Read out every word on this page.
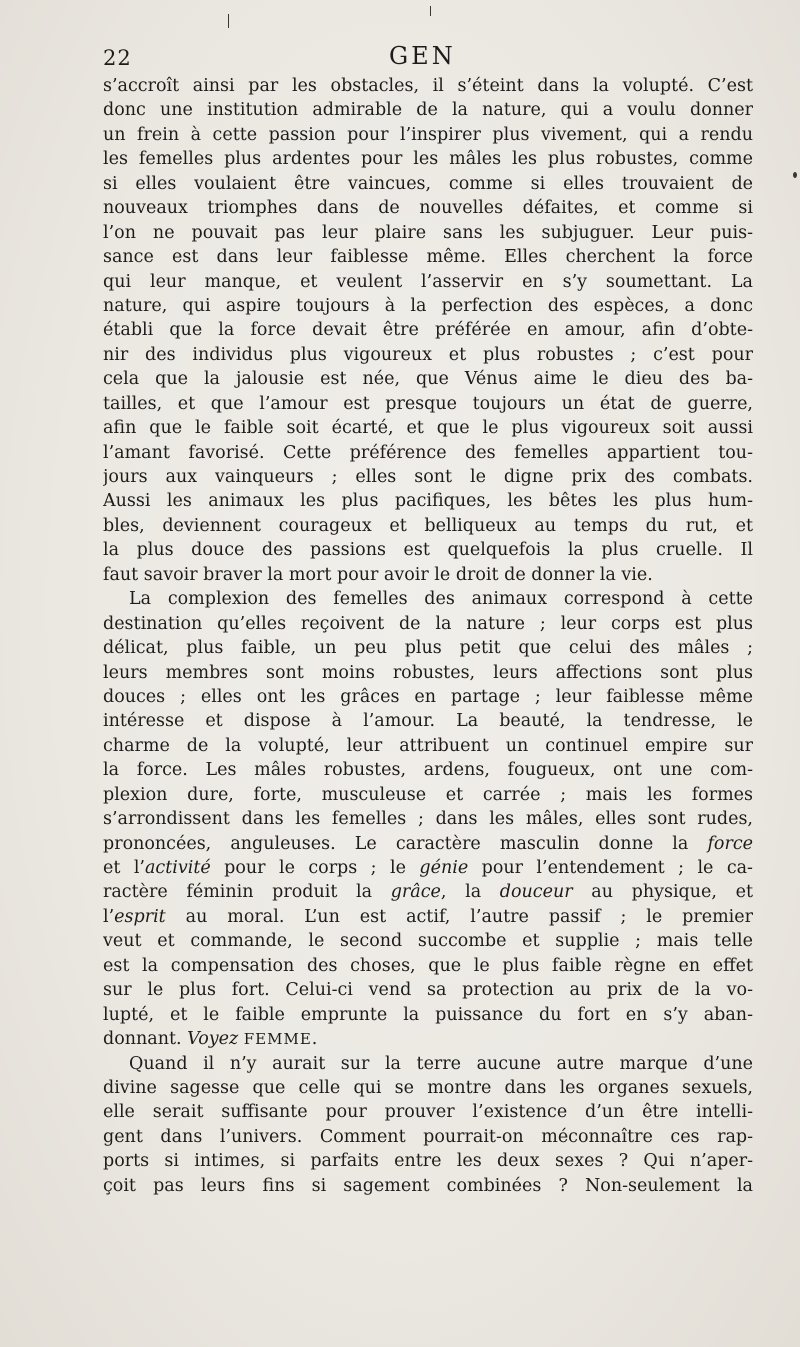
22	GEN
s’accroît ainsi par les obstacles, il s’éteint dans la volupté. C’est
donc une institution admirable de la nature, qui a voulu donner
un frein à cette passion pour l’inspirer plus vivement, qui a rendu
les femelles plus ardentes pour les mâles les plus robustes, comme
si elles voulaient être vaincues, comme si elles trouvaient de
nouveaux triomphes dans de nouvelles défaites, et comme si
l’on ne pouvait pas leur plaire sans les subjuguer. Leur puis-
sance est dans leur faiblesse même. Elles cherchent la force
qui leur manque, et veulent l’asservir en s’y soumettant. La
nature, qui aspire toujours à la perfection des espèces, a donc
établi que la force devait être préférée en amour, afin d’obte-
nir des individus plus vigoureux et plus robustes ; c’est pour
cela que la jalousie est née, que Vénus aime le dieu des ba-
tailles, et que l’amour est presque toujours un état de guerre,
afin que le faible soit écarté, et que le plus vigoureux soit aussi
l’amant favorisé. Cette préférence des femelles appartient tou-
jours aux vainqueurs ; elles sont le digne prix des combats.
Aussi les animaux les plus pacifiques, les bêtes les plus hum-
bles, deviennent courageux et belliqueux au temps du rut, et
la plus douce des passions est quelquefois la plus cruelle. Il
faut savoir braver la mort pour avoir le droit de donner la vie.
La complexion des femelles des animaux correspond à cette
destination qu’elles reçoivent de la nature ; leur corps est plus
délicat, plus faible, un peu plus petit que celui des mâles ;
leurs membres sont moins robustes, leurs affections sont plus
douces ; elles ont les grâces en partage ; leur faiblesse même
intéresse et dispose à l’amour. La beauté, la tendresse, le
charme de la volupté, leur attribuent un continuel empire sur
la force. Les mâles robustes, ardens, fougueux, ont une com-
plexion dure, forte, musculeuse et carrée ; mais les formes
s’arrondissent dans les femelles ; dans les mâles, elles sont rudes,
prononcées, anguleuses. Le caractère masculin donne la force
et l’activité pour le corps ; le génie pour l’entendement ; le ca-
ractère féminin produit la grâce, la douceur au physique, et
l’esprit au moral. L’un est actif, l’autre passif ; le premier
veut et commande, le second succombe et supplie ; mais telle
est la compensation des choses, que le plus faible règne en effet
sur le plus fort. Celui-ci vend sa protection au prix de la vo-
lupté, et le faible emprunte la puissance du fort en s’y aban-
donnant. Voyez FEMME.
Quand il n’y aurait sur la terre aucune autre marque d’une
divine sagesse que celle qui se montre dans les organes sexuels,
elle serait suffisante pour prouver l’existence d’un être intelli-
gent dans l’univers. Comment pourrait-on méconnaître ces rap-
ports si intimes, si parfaits entre les deux sexes ? Qui n’aper-
çoit pas leurs fins si sagement combinées ? Non-seulement la
